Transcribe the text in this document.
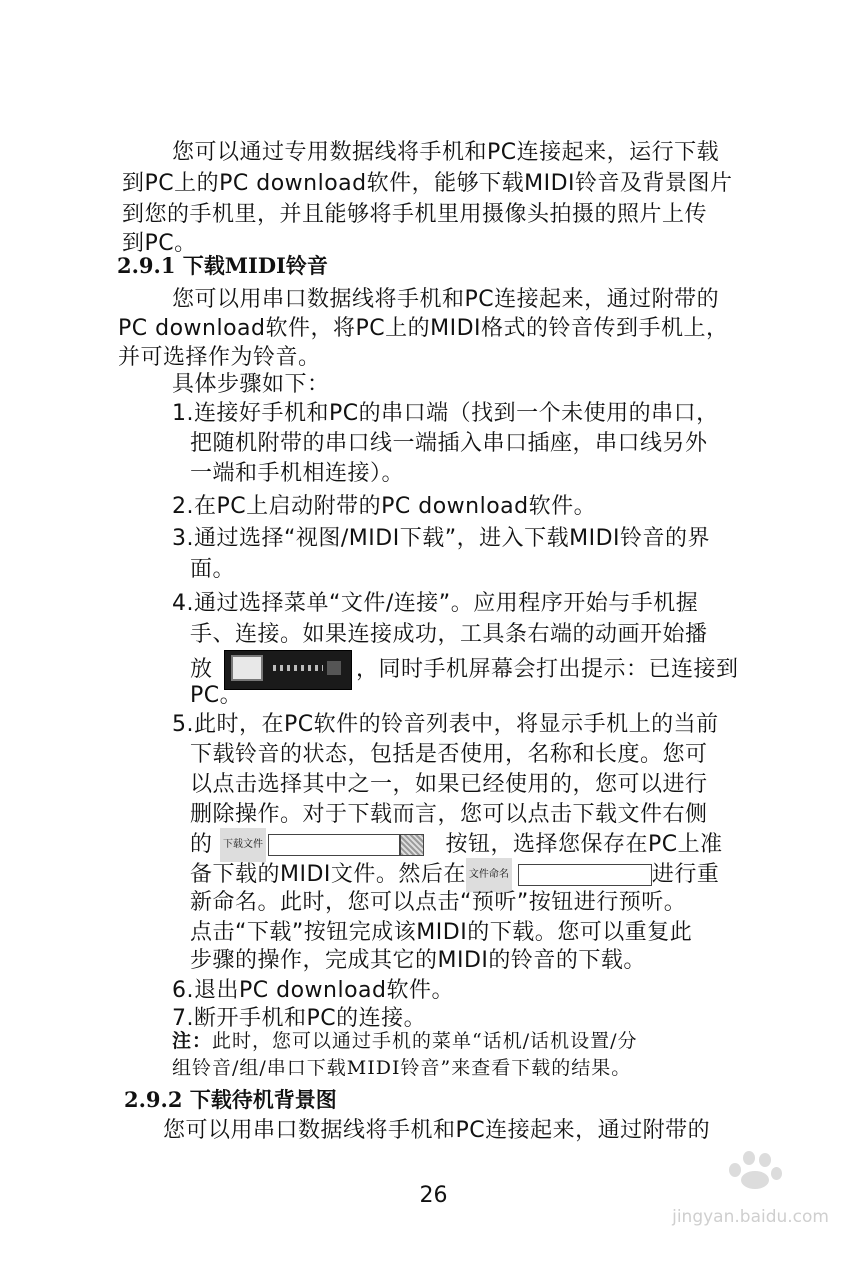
您可以通过专用数据线将手机和PC连接起来，运行下载
到PC上的PC download软件，能够下载MIDI铃音及背景图片
到您的手机里，并且能够将手机里用摄像头拍摄的照片上传
到PC。
2.9.1 下载MIDI铃音
您可以用串口数据线将手机和PC连接起来，通过附带的
PC download软件，将PC上的MIDI格式的铃音传到手机上，
并可选择作为铃音。
具体步骤如下：
1.连接好手机和PC的串口端（找到一个未使用的串口，
把随机附带的串口线一端插入串口插座，串口线另外
一端和手机相连接）。
2.在PC上启动附带的PC download软件。
3.通过选择“视图/MIDI下载”，进入下载MIDI铃音的界
面。
4.通过选择菜单“文件/连接”。应用程序开始与手机握
手、连接。如果连接成功，工具条右端的动画开始播
放	，同时手机屏幕会打出提示：已连接到
PC。
5.此时，在PC软件的铃音列表中，将显示手机上的当前
下载铃音的状态，包括是否使用，名称和长度。您可
以点击选择其中之一，如果已经使用的，您可以进行
删除操作。对于下载而言，您可以点击下载文件右侧
的 下载文件	按钮，选择您保存在PC上准
备下载的MIDI文件。然后在 文件命名	进行重
新命名。此时，您可以点击“预听”按钮进行预听。
点击“下载”按钮完成该MIDI的下载。您可以重复此
步骤的操作，完成其它的MIDI的铃音的下载。
6.退出PC download软件。
7.断开手机和PC的连接。
注：此时，您可以通过手机的菜单“话机/话机设置/分
组铃音/组/串口下载MIDI铃音”来查看下载的结果。
2.9.2 下载待机背景图
您可以用串口数据线将手机和PC连接起来，通过附带的
26
jingyan.baidu.com
